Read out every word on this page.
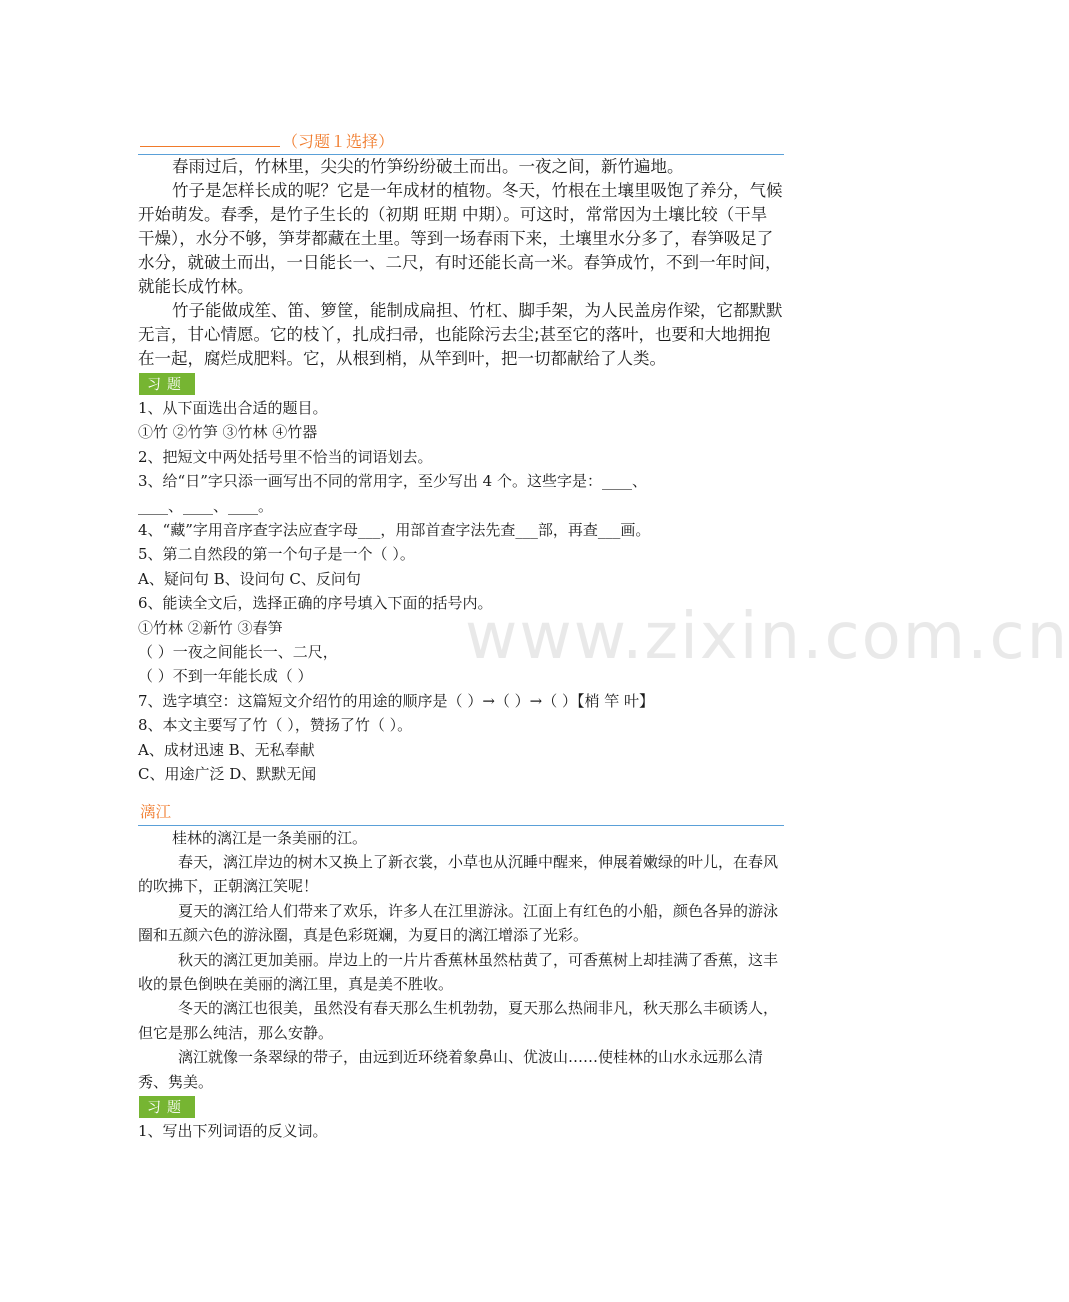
www.zixin.com.cn
（习题１选择）

春雨过后，竹林里，尖尖的竹笋纷纷破土而出。一夜之间，新竹遍地。

竹子是怎样长成的呢？它是一年成材的植物。冬天，竹根在土壤里吸饱了养分，气候开始萌发。春季，是竹子生长的（初期 旺期 中期）。可这时，常常因为土壤比较（干旱 干燥），水分不够，笋芽都藏在土里。等到一场春雨下来，土壤里水分多了，春笋吸足了水分，就破土而出，一日能长一、二尺，有时还能长高一米。春笋成竹，不到一年时间，就能长成竹林。

竹子能做成笙、笛、箩筐，能制成扁担、竹杠、脚手架，为人民盖房作梁，它都默默无言，甘心情愿。它的枝丫，扎成扫帚，也能除污去尘;甚至它的落叶，也要和大地拥抱在一起，腐烂成肥料。它，从根到梢，从竿到叶，把一切都献给了人类。

习题

1、从下面选出合适的题目。

①竹 ②竹笋 ③竹林 ④竹器

2、把短文中两处括号里不恰当的词语划去。

3、给“日”字只添一画写出不同的常用字，至少写出 4 个。这些字是：____、

____、____、____。

4、“藏”字用音序查字法应查字母___，用部首查字法先查___部，再查___画。

5、第二自然段的第一个句子是一个（ ）。

A、疑问句 B、设问句 C、反问句

6、能读全文后，选择正确的序号填入下面的括号内。

①竹林 ②新竹 ③春笋

（ ）一夜之间能长一、二尺，

（ ）不到一年能长成（ ）

7、选字填空：这篇短文介绍竹的用途的顺序是（ ）→（ ）→（ ）【梢 竿 叶】

8、本文主要写了竹（ ），赞扬了竹（ ）。

A、成材迅速 B、无私奉献

C、用途广泛 D、默默无闻

漓江

桂林的漓江是一条美丽的江。

春天，漓江岸边的树木又换上了新衣裳，小草也从沉睡中醒来，伸展着嫩绿的叶儿，在春风的吹拂下，正朝漓江笑呢！

夏天的漓江给人们带来了欢乐，许多人在江里游泳。江面上有红色的小船，颜色各异的游泳圈和五颜六色的游泳圈，真是色彩斑斓，为夏日的漓江增添了光彩。

秋天的漓江更加美丽。岸边上的一片片香蕉林虽然枯黄了，可香蕉树上却挂满了香蕉，这丰收的景色倒映在美丽的漓江里，真是美不胜收。

冬天的漓江也很美，虽然没有春天那么生机勃勃，夏天那么热闹非凡，秋天那么丰硕诱人，但它是那么纯洁，那么安静。

漓江就像一条翠绿的带子，由远到近环绕着象鼻山、优波山……使桂林的山水永远那么清秀、隽美。

习题

1、写出下列词语的反义词。
